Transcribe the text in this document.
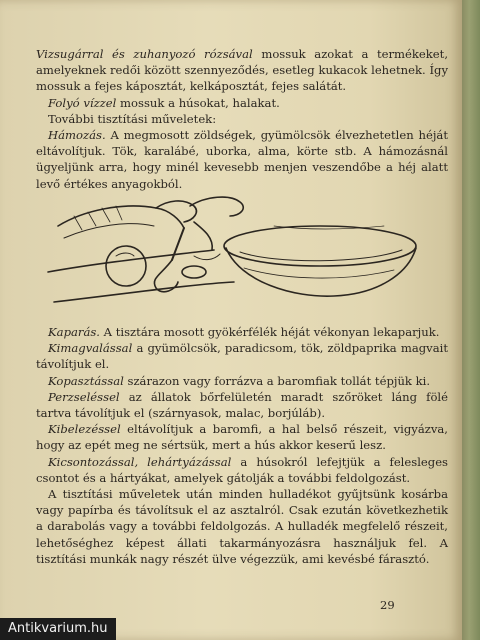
Vizsugárral és zuhanyozó rózsával mossuk azokat a termékeket, amelyeknek redői között szennyeződés, esetleg kukacok lehetnek. Így mossuk a fejes káposztát, kelkáposztát, fejes salátát.

Folyó vízzel mossuk a húsokat, halakat.

További tisztítási műveletek:

Hámozás. A megmosott zöldségek, gyümölcsök élvezhetetlen héját eltávolítjuk. Tök, karalábé, uborka, alma, körte stb. A hámozásnál ügyeljünk arra, hogy minél kevesebb menjen veszendőbe a héj alatt levő értékes anyagokból.

Kaparás. A tisztára mosott gyökérfélék héját vékonyan lekaparjuk.

Kimagvalással a gyümölcsök, paradicsom, tök, zöldpaprika magvait távolítjuk el.

Kopasztással szárazon vagy forrázva a baromfiak tollát tépjük ki.

Perzseléssel az állatok bőrfelületén maradt szőröket láng fölé tartva távolítjuk el (szárnyasok, malac, borjúláb).

Kibelezéssel eltávolítjuk a baromfi, a hal belső részeit, vigyázva, hogy az epét meg ne sértsük, mert a hús akkor keserű lesz.

Kicsontozással, lehártyázással a húsokról lefejtjük a felesleges csontot és a hártyákat, amelyek gátolják a további feldolgozást.

A tisztítási műveletek után minden hulladékot gyűjtsünk kosárba vagy papírba és távolítsuk el az asztalról. Csak ezután következhetik a darabolás vagy a további feldolgozás. A hulladék megfelelő részeit, lehetőséghez képest állati takarmányozásra használjuk fel. A tisztítási munkák nagy részét ülve végezzük, ami kevésbé fárasztó.

29
Antikvarium.hu
